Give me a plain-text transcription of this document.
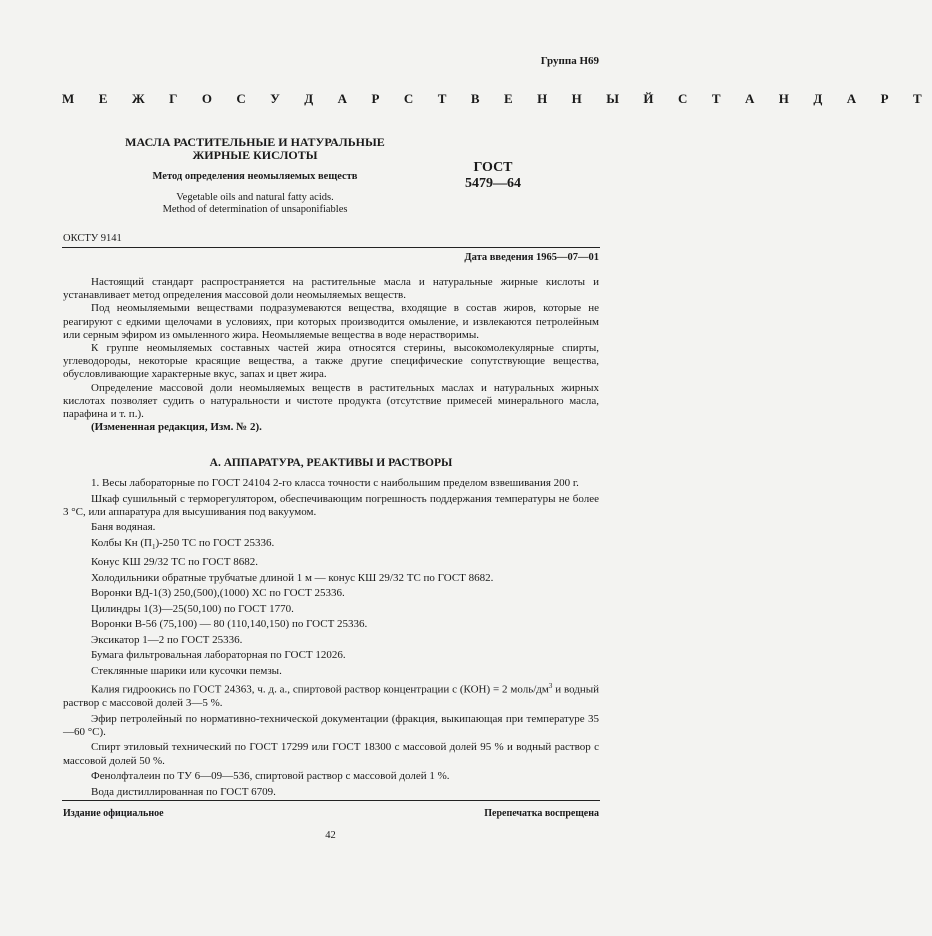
Группа Н69
М Е Ж Г О С У Д А Р С Т В Е Н Н Ы Й С Т А Н Д А Р Т
МАСЛА РАСТИТЕЛЬНЫЕ И НАТУРАЛЬНЫЕ
ЖИРНЫЕ КИСЛОТЫ
Метод определения неомыляемых веществ
Vegetable oils and natural fatty acids.
Method of determination of unsaponifiables
ГОСТ
5479—64
ОКСТУ 9141
Дата введения 1965—07—01

Настоящий стандарт распространяется на растительные масла и натуральные жирные кислоты и устанавливает метод определения массовой доли неомыляемых веществ.

Под неомыляемыми веществами подразумеваются вещества, входящие в состав жиров, которые не реагируют с едкими щелочами в условиях, при которых производится омыление, и извлекаются петролейным или серным эфиром из омыленного жира. Неомыляемые вещества в воде нерастворимы.

К группе неомыляемых составных частей жира относятся стерины, высокомолекулярные спирты, углеводороды, некоторые красящие вещества, а также другие специфические сопутствующие вещества, обусловливающие характерные вкус, запах и цвет жира.

Определение массовой доли неомыляемых веществ в растительных маслах и натуральных жирных кислотах позволяет судить о натуральности и чистоте продукта (отсутствие примесей минерального масла, парафина и т. п.).

(Измененная редакция, Изм. № 2).

А. АППАРАТУРА, РЕАКТИВЫ И РАСТВОРЫ

1. Весы лабораторные по ГОСТ 24104 2-го класса точности с наибольшим пределом взвешивания 200 г.

Шкаф сушильный с терморегулятором, обеспечивающим погрешность поддержания температуры не более 3 °С, или аппаратура для высушивания под вакуумом.

Баня водяная.

Колбы Кн $(П_1)-250$ ТС по ГОСТ 25336.

Конус КШ 29/32 ТС по ГОСТ 8682.

Холодильники обратные трубчатые длиной 1 м — конус КШ 29/32 ТС по ГОСТ 8682.

Воронки ВД-1(3) 250,(500),(1000) ХС по ГОСТ 25336.

Цилиндры 1(3)—25(50,100) по ГОСТ 1770.

Воронки В-56 (75,100) — 80 (110,140,150) по ГОСТ 25336.

Эксикатор 1—2 по ГОСТ 25336.

Бумага фильтровальная лабораторная по ГОСТ 12026.

Стеклянные шарики или кусочки пемзы.

Калия гидроокись по ГОСТ 24363, ч. д. а., спиртовой раствор концентрации с (КОН) = 2 моль/$дм^3$ и водный раствор с массовой долей 3—5 %.

Эфир петролейный по нормативно-технической документации (фракция, выкипающая при температуре 35—60 °С).

Спирт этиловый технический по ГОСТ 17299 или ГОСТ 18300 с массовой долей 95 % и водный раствор с массовой долей 50 %.

Фенолфталеин по ТУ 6—09—536, спиртовой раствор с массовой долей 1 %.

Вода дистиллированная по ГОСТ 6709.

Издание официальное	Перепечатка воспрещена
42
